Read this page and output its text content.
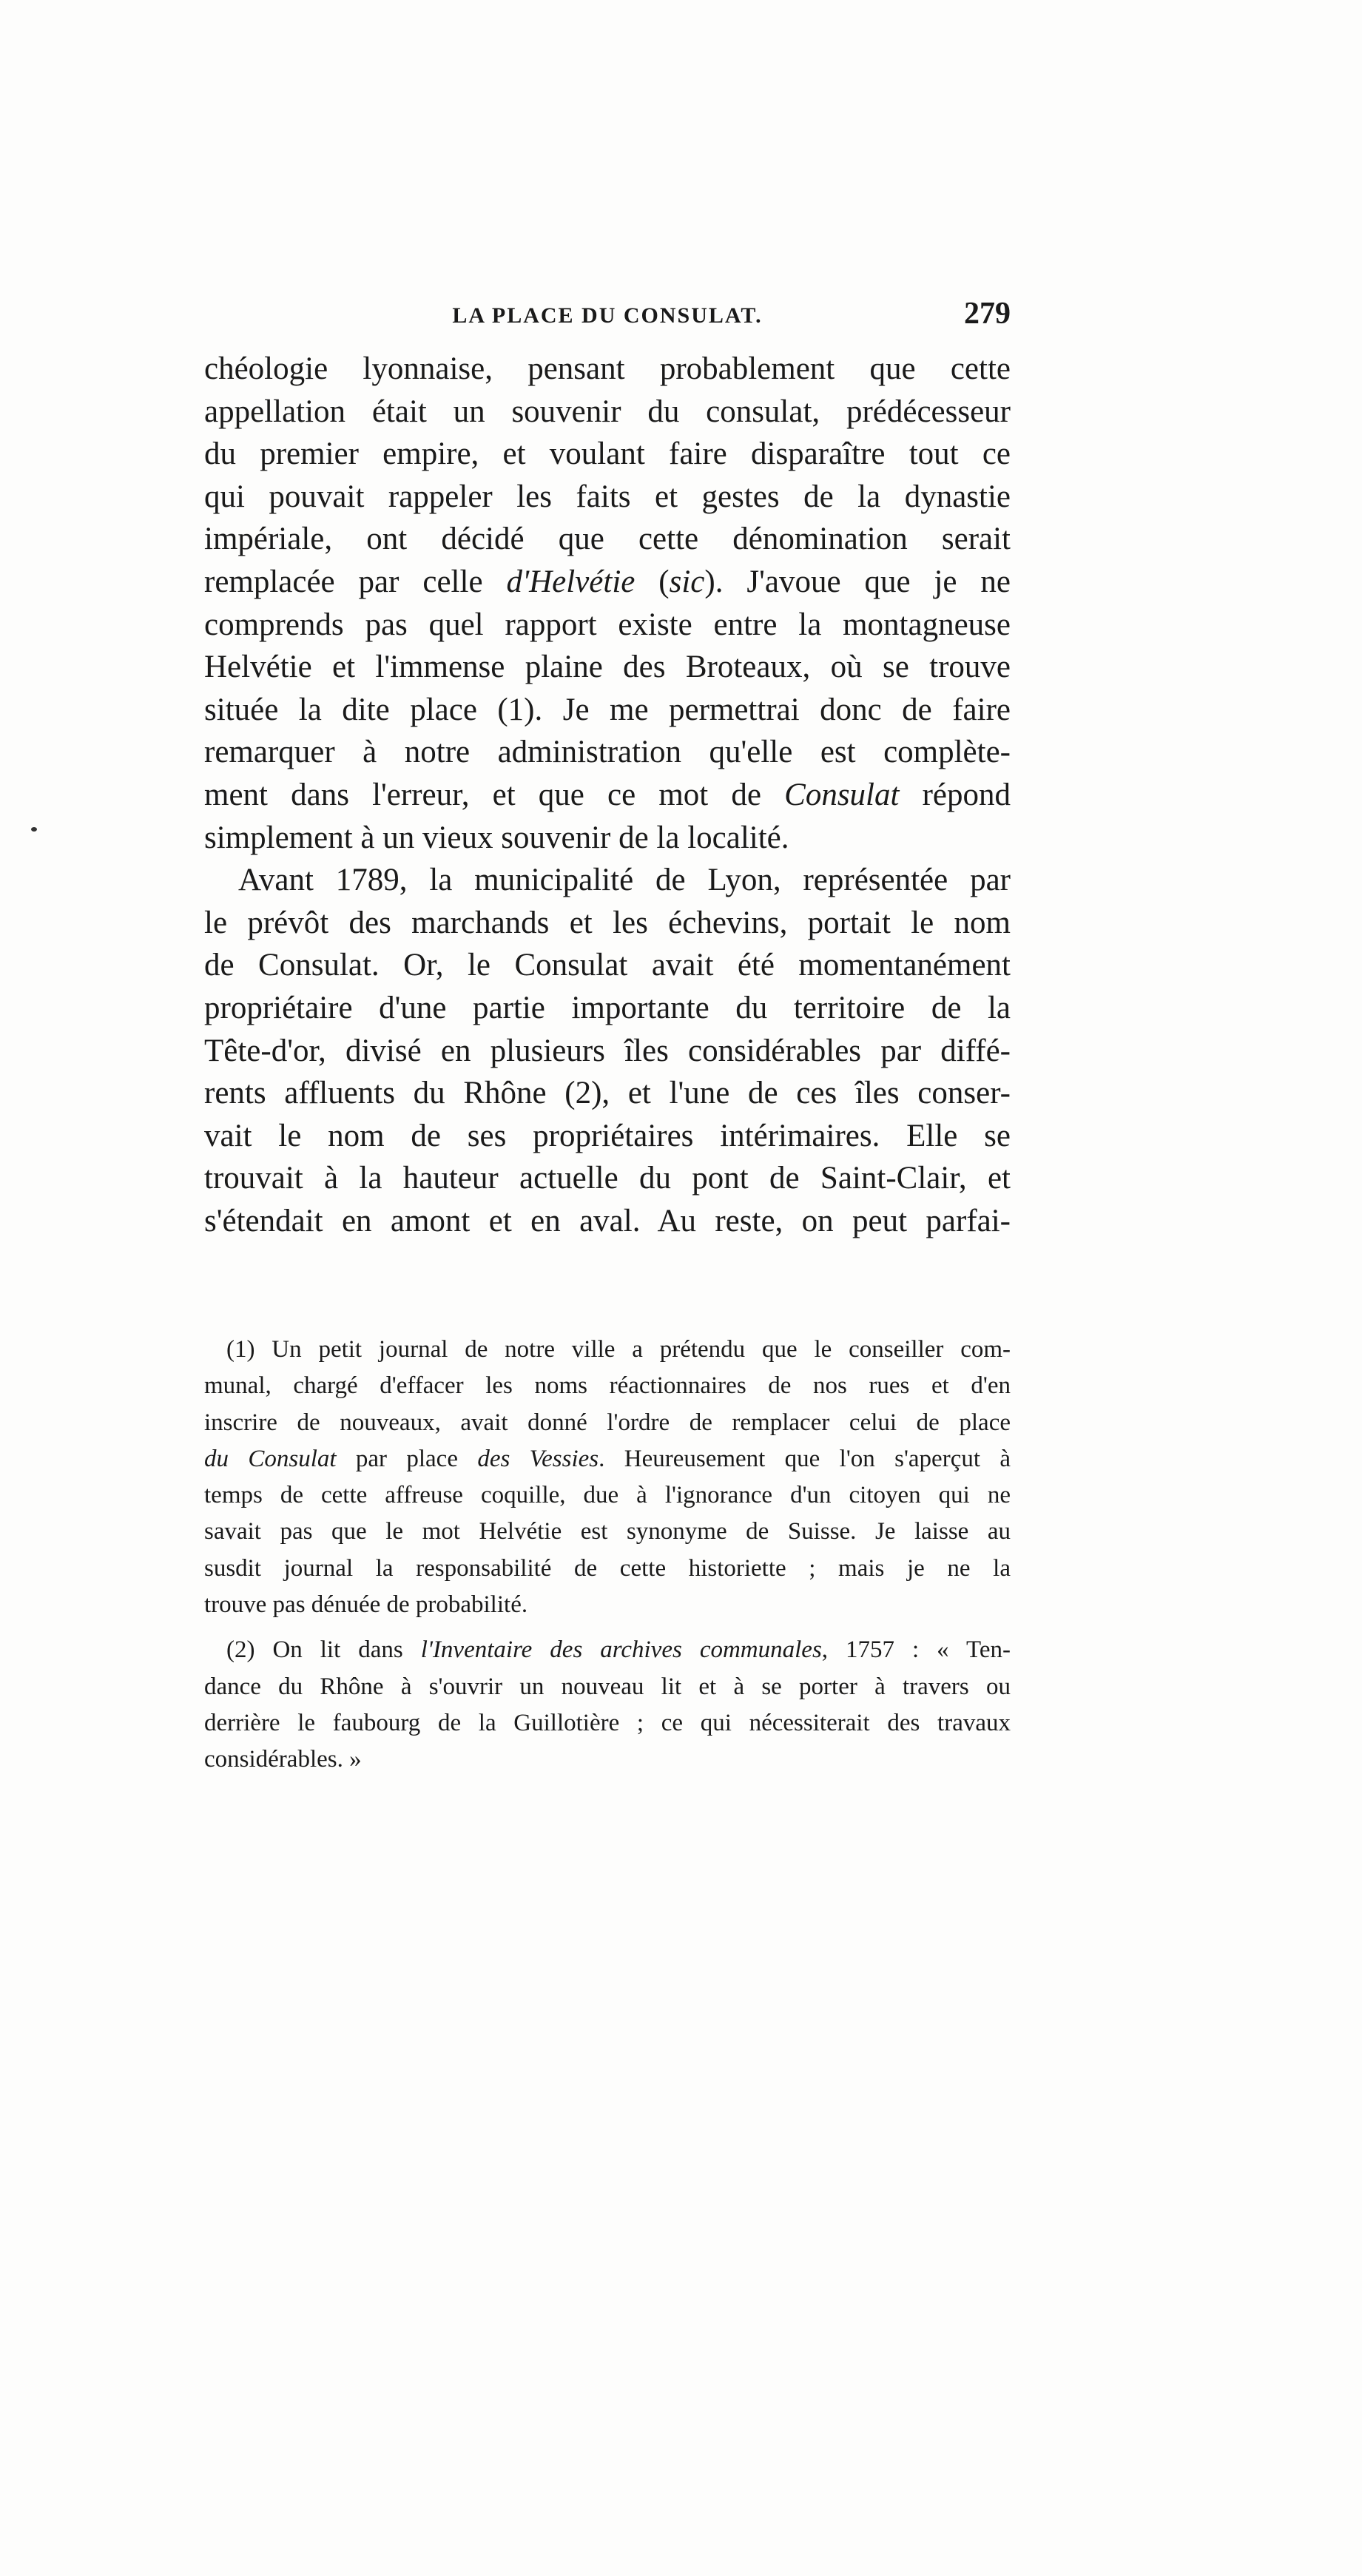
LA PLACE DU CONSULAT.	279
chéologie lyonnaise, pensant probablement que cette
appellation était un souvenir du consulat, prédécesseur
du premier empire, et voulant faire disparaître tout ce
qui pouvait rappeler les faits et gestes de la dynastie
impériale, ont décidé que cette dénomination serait
remplacée par celle d'Helvétie (sic). J'avoue que je ne
comprends pas quel rapport existe entre la montagneuse
Helvétie et l'immense plaine des Broteaux, où se trouve
située la dite place (1). Je me permettrai donc de faire
remarquer à notre administration qu'elle est complète-
ment dans l'erreur, et que ce mot de Consulat répond
simplement à un vieux souvenir de la localité.
Avant 1789, la municipalité de Lyon, représentée par
le prévôt des marchands et les échevins, portait le nom
de Consulat. Or, le Consulat avait été momentanément
propriétaire d'une partie importante du territoire de la
Tête-d'or, divisé en plusieurs îles considérables par diffé-
rents affluents du Rhône (2), et l'une de ces îles conser-
vait le nom de ses propriétaires intérimaires. Elle se
trouvait à la hauteur actuelle du pont de Saint-Clair, et
s'étendait en amont et en aval. Au reste, on peut parfai-
(1) Un petit journal de notre ville a prétendu que le conseiller com-
munal, chargé d'effacer les noms réactionnaires de nos rues et d'en
inscrire de nouveaux, avait donné l'ordre de remplacer celui de place
du Consulat par place des Vessies. Heureusement que l'on s'aperçut à
temps de cette affreuse coquille, due à l'ignorance d'un citoyen qui ne
savait pas que le mot Helvétie est synonyme de Suisse. Je laisse au
susdit journal la responsabilité de cette historiette ; mais je ne la
trouve pas dénuée de probabilité.
(2) On lit dans l'Inventaire des archives communales, 1757 : « Ten-
dance du Rhône à s'ouvrir un nouveau lit et à se porter à travers ou
derrière le faubourg de la Guillotière ; ce qui nécessiterait des travaux
considérables. »
